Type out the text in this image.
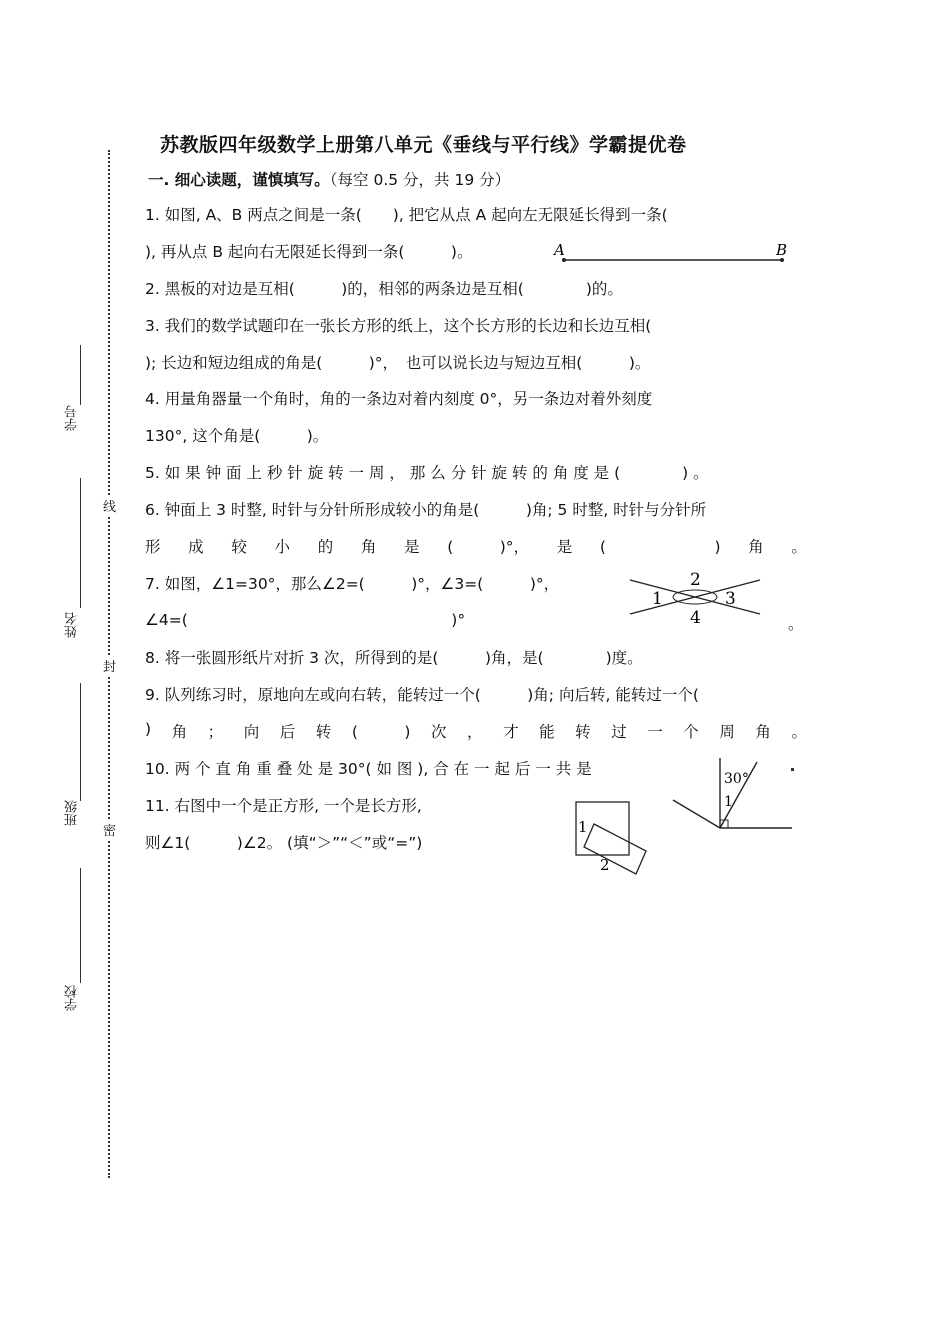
学号
姓名
班级
学校
线
封
密
苏教版四年级数学上册第八单元《垂线与平行线》学霸提优卷
一. 细心读题，谨慎填写。（每空 0.5 分，共 19 分）
1. 如图, A、B 两点之间是一条(　　), 把它从点 A 起向左无限延长得到一条(
), 再从点 B 起向右无限延长得到一条(　　　)。	A	B
2. 黑板的对边是互相(　　　)的，相邻的两条边是互相(　　　　)的。
3. 我们的数学试题印在一张长方形的纸上，这个长方形的长边和长边互相(
); 长边和短边组成的角是(　　　)°，　也可以说长边与短边互相(　　　)。
4. 用量角器量一个角时，角的一条边对着内刻度 0°，另一条边对着外刻度
130°, 这个角是(　　　)。
5. 如 果 钟 面 上 秒 针 旋 转 一 周 ， 那 么 分 针 旋 转 的 角 度 是 (　　　　) 。
6. 钟面上 3 时整, 时针与分针所形成较小的角是(　　　)角; 5 时整, 时针与分针所
形 成 较 小 的 角 是 (　　　)°， 是 (　　　　　　　) 角 。
7. 如图，∠1=30°，那么∠2=(　　　)°，∠3=(　　　)°，
∠4=(　　　　　　　　　　　　　　　　　)°	。
2
1	3
4
8. 将一张圆形纸片对折 3 次，所得到的是(　　　)角，是(　　　　)度。
9. 队列练习时，原地向左或向右转，能转过一个(　　　)角; 向后转, 能转过一个(
) 角 ； 向 后 转 (　　　) 次 ， 才 能 转 过 一 个 周 角 。
10. 两 个 直 角 重 叠 处 是 30°( 如 图 ), 合 在 一 起 后 一 共 是
30°
1
11. 右图中一个是正方形, 一个是长方形,
则∠1(　　　)∠2。 (填“＞”“＜”或“=”)
1
2
